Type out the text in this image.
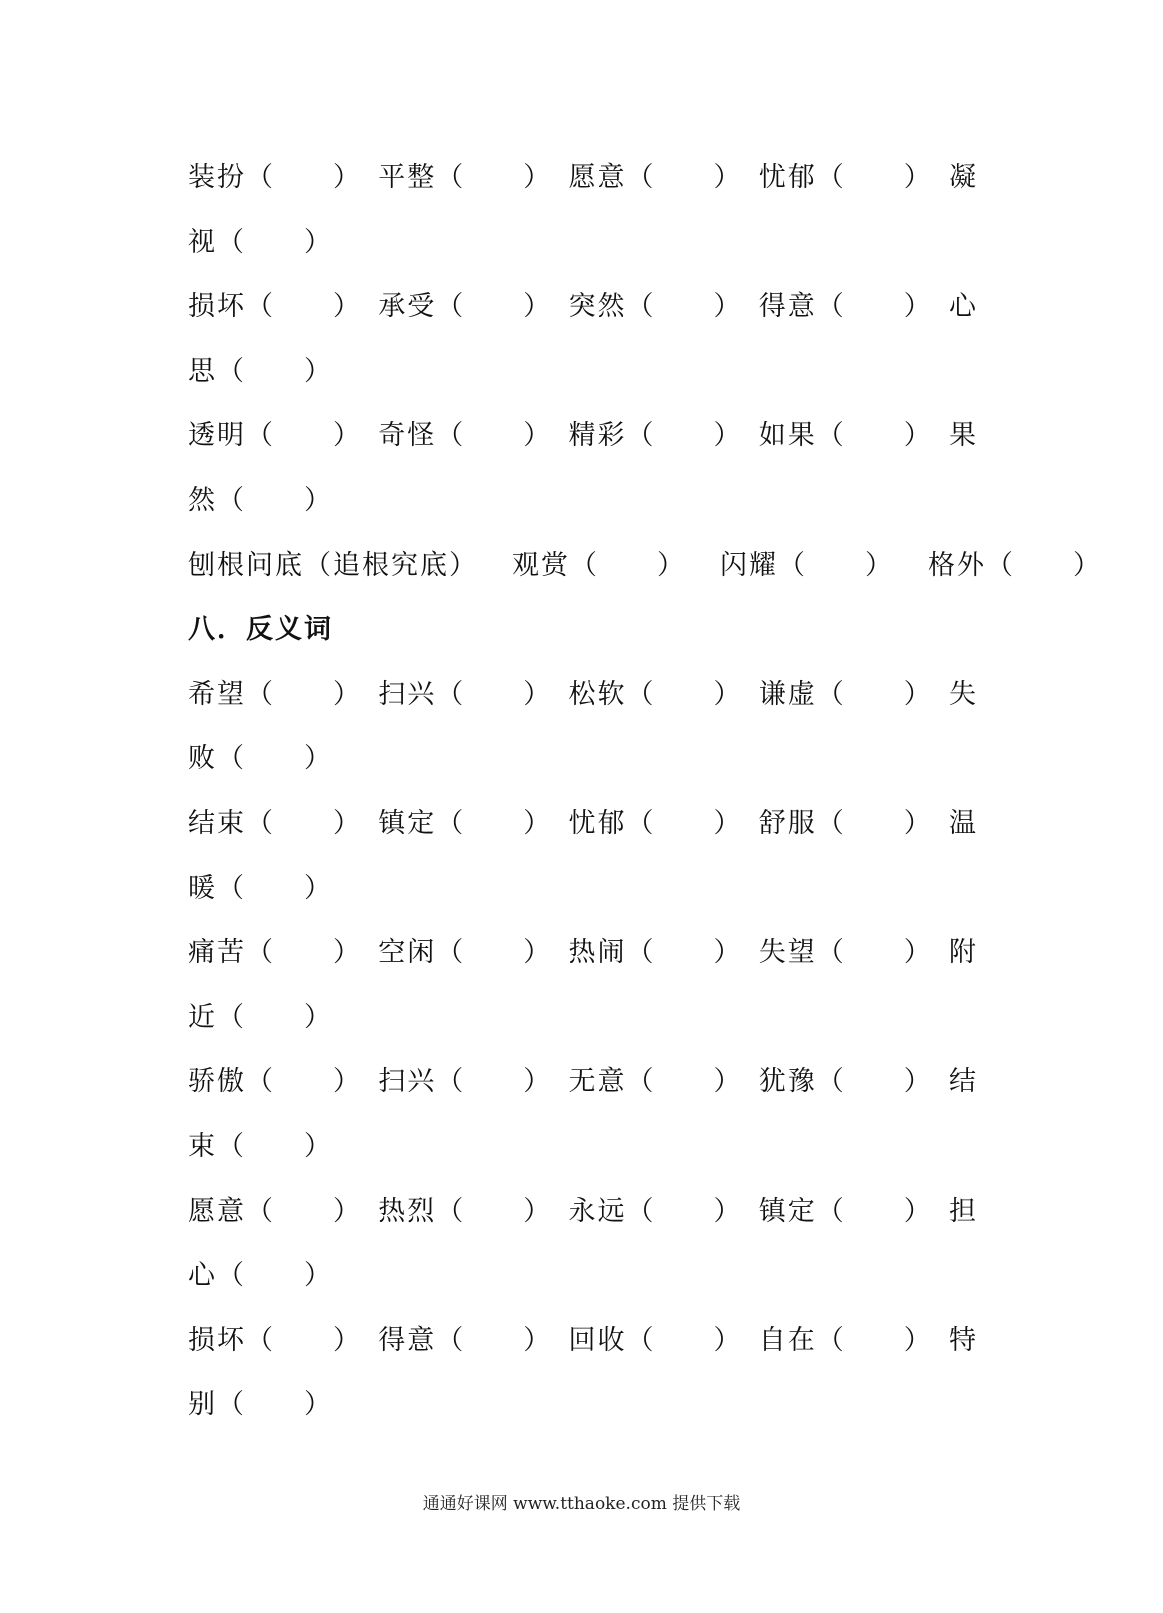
装扮（　　） 平整（　　） 愿意（　　） 忧郁（　　） 凝
视（　　）
损坏（　　） 承受（　　） 突然（　　） 得意（　　） 心
思（　　）
透明（　　） 奇怪（　　） 精彩（　　） 如果（　　） 果
然（　　）
刨根问底（追根究底） 观赏（　　） 闪耀（　　） 格外（　　）
八．反义词
希望（　　） 扫兴（　　） 松软（　　） 谦虚（　　） 失
败（　　）
结束（　　） 镇定（　　） 忧郁（　　） 舒服（　　） 温
暖（　　）
痛苦（　　） 空闲（　　） 热闹（　　） 失望（　　） 附
近（　　）
骄傲（　　） 扫兴（　　） 无意（　　） 犹豫（　　） 结
束（　　）
愿意（　　） 热烈（　　） 永远（　　） 镇定（　　） 担
心（　　）
损坏（　　） 得意（　　） 回收（　　） 自在（　　） 特
别（　　）
通通好课网 www.tthaoke.com 提供下载
